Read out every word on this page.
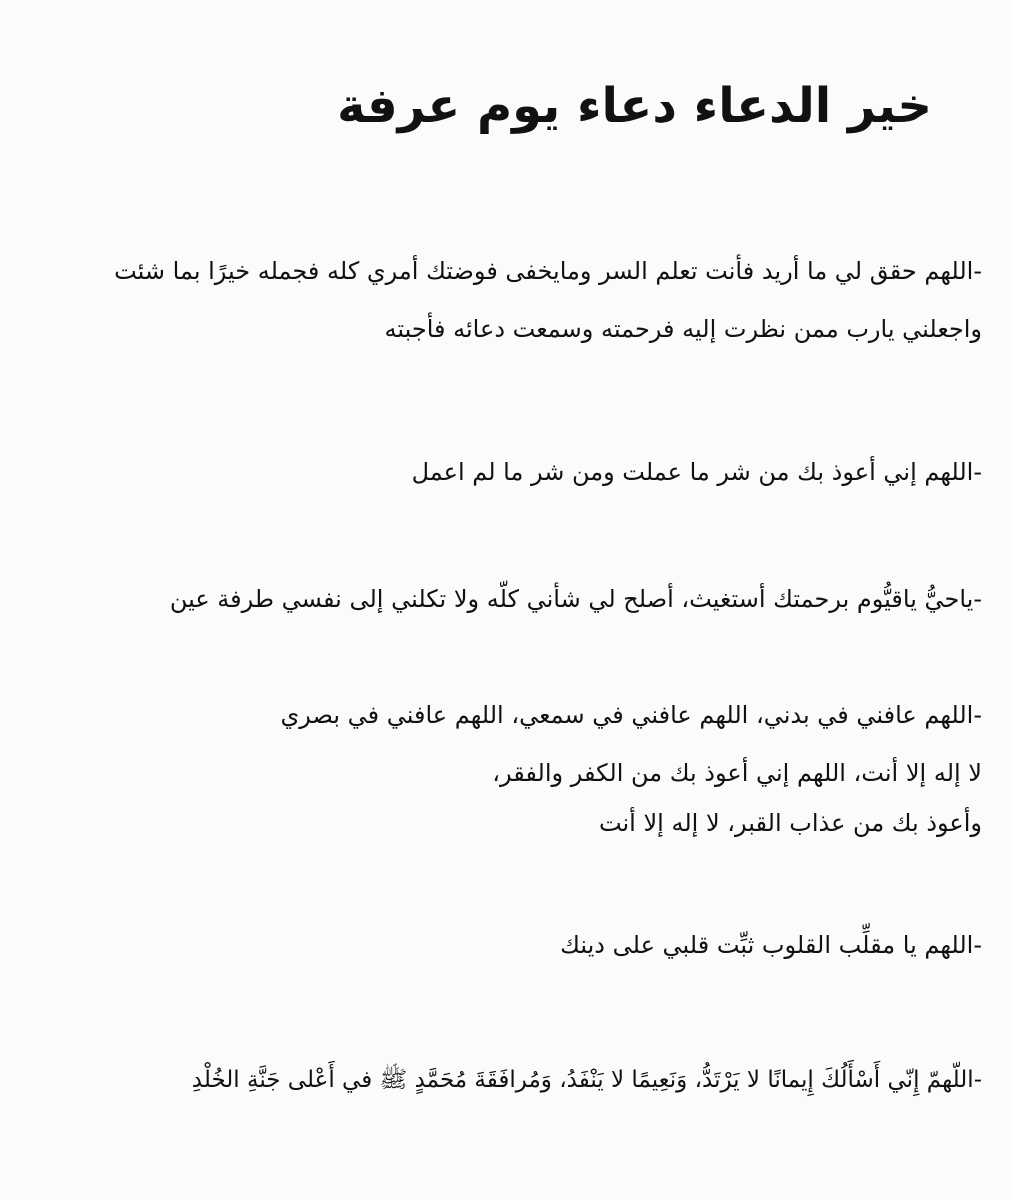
خير الدعاء دعاء يوم عرفة
-اللهم حقق لي ما أريد فأنت تعلم السر ومايخفى فوضتك أمري كله فجمله خيرًا بما شئت
واجعلني يارب ممن نظرت إليه فرحمته وسمعت دعائه فأجبته
-اللهم إني أعوذ بك من شر ما عملت ومن شر ما لم اعمل
-ياحيُّ ياقيُّوم برحمتك أستغيث، أصلح لي شأني كلّه ولا تكلني إلى نفسي طرفة عين
-اللهم عافني في بدني، اللهم عافني في سمعي، اللهم عافني في بصري
لا إله إلا أنت، اللهم إني أعوذ بك من الكفر والفقر،
وأعوذ بك من عذاب القبر، لا إله إلا أنت
-اللهم يا مقلِّب القلوب ثبِّت قلبي على دينك
-اللّهمّ إِنّي أَسْأَلُكَ إِيمانًا لا يَرْتَدُّ، وَنَعِيمًا لا يَنْفَدُ، وَمُرافَقَةَ مُحَمَّدٍ ﷺ في أَعْلى جَنَّةِ الخُلْدِ
